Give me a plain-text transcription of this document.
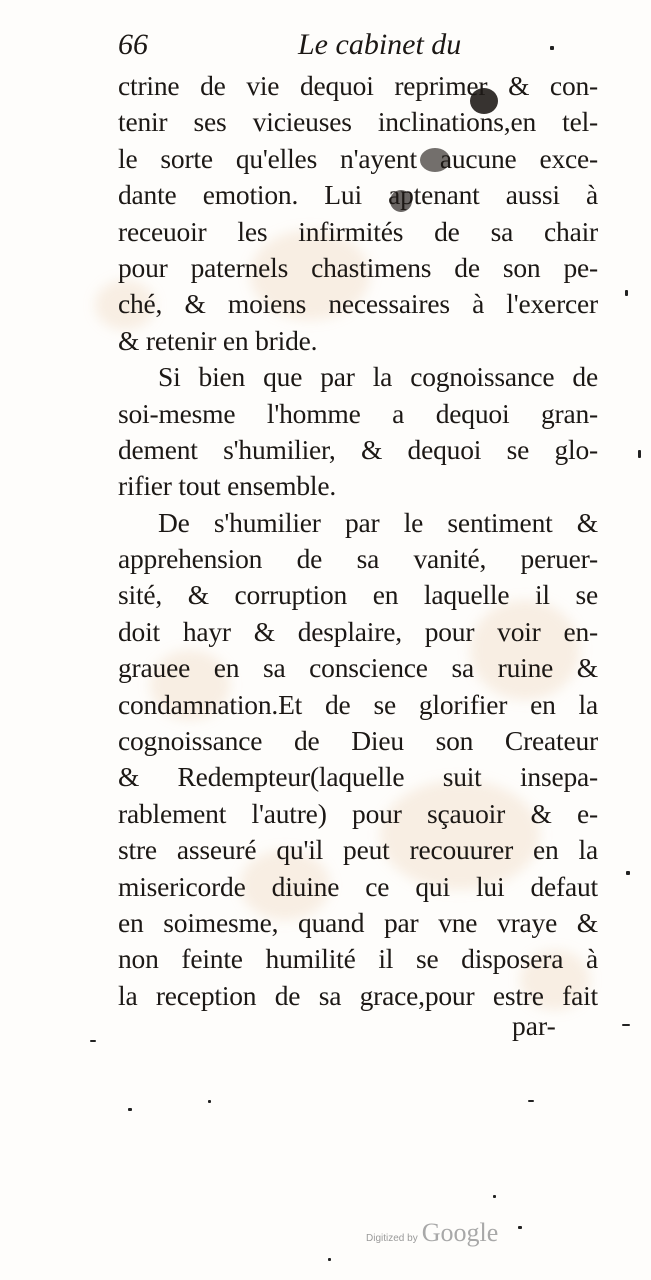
66	Le cabinet du
ctrine de vie dequoi reprimer & con-
tenir ses vicieuses inclinations,en tel-
le sorte qu'elles n'ayent aucune exce-
dante emotion. Lui aptenant aussi à
receuoir les infirmités de sa chair
pour paternels chastimens de son pe-
ché, & moiens necessaires à l'exercer
& retenir en bride.
Si bien que par la cognoissance de
soi-mesme l'homme a dequoi gran-
dement s'humilier, & dequoi se glo-
rifier tout ensemble.
De s'humilier par le sentiment &
apprehension de sa vanité, peruer-
sité, & corruption en laquelle il se
doit hayr & desplaire, pour voir en-
grauee en sa conscience sa ruine &
condamnation.Et de se glorifier en la
cognoissance de Dieu son Createur
& Redempteur(laquelle suit insepa-
rablement l'autre) pour sçauoir & e-
stre asseuré qu'il peut recouurer en la
misericorde diuine ce qui lui defaut
en soimesme, quand par vne vraye &
non feinte humilité il se disposera à
la reception de sa grace,pour estre fait
par-
Digitized by Google
